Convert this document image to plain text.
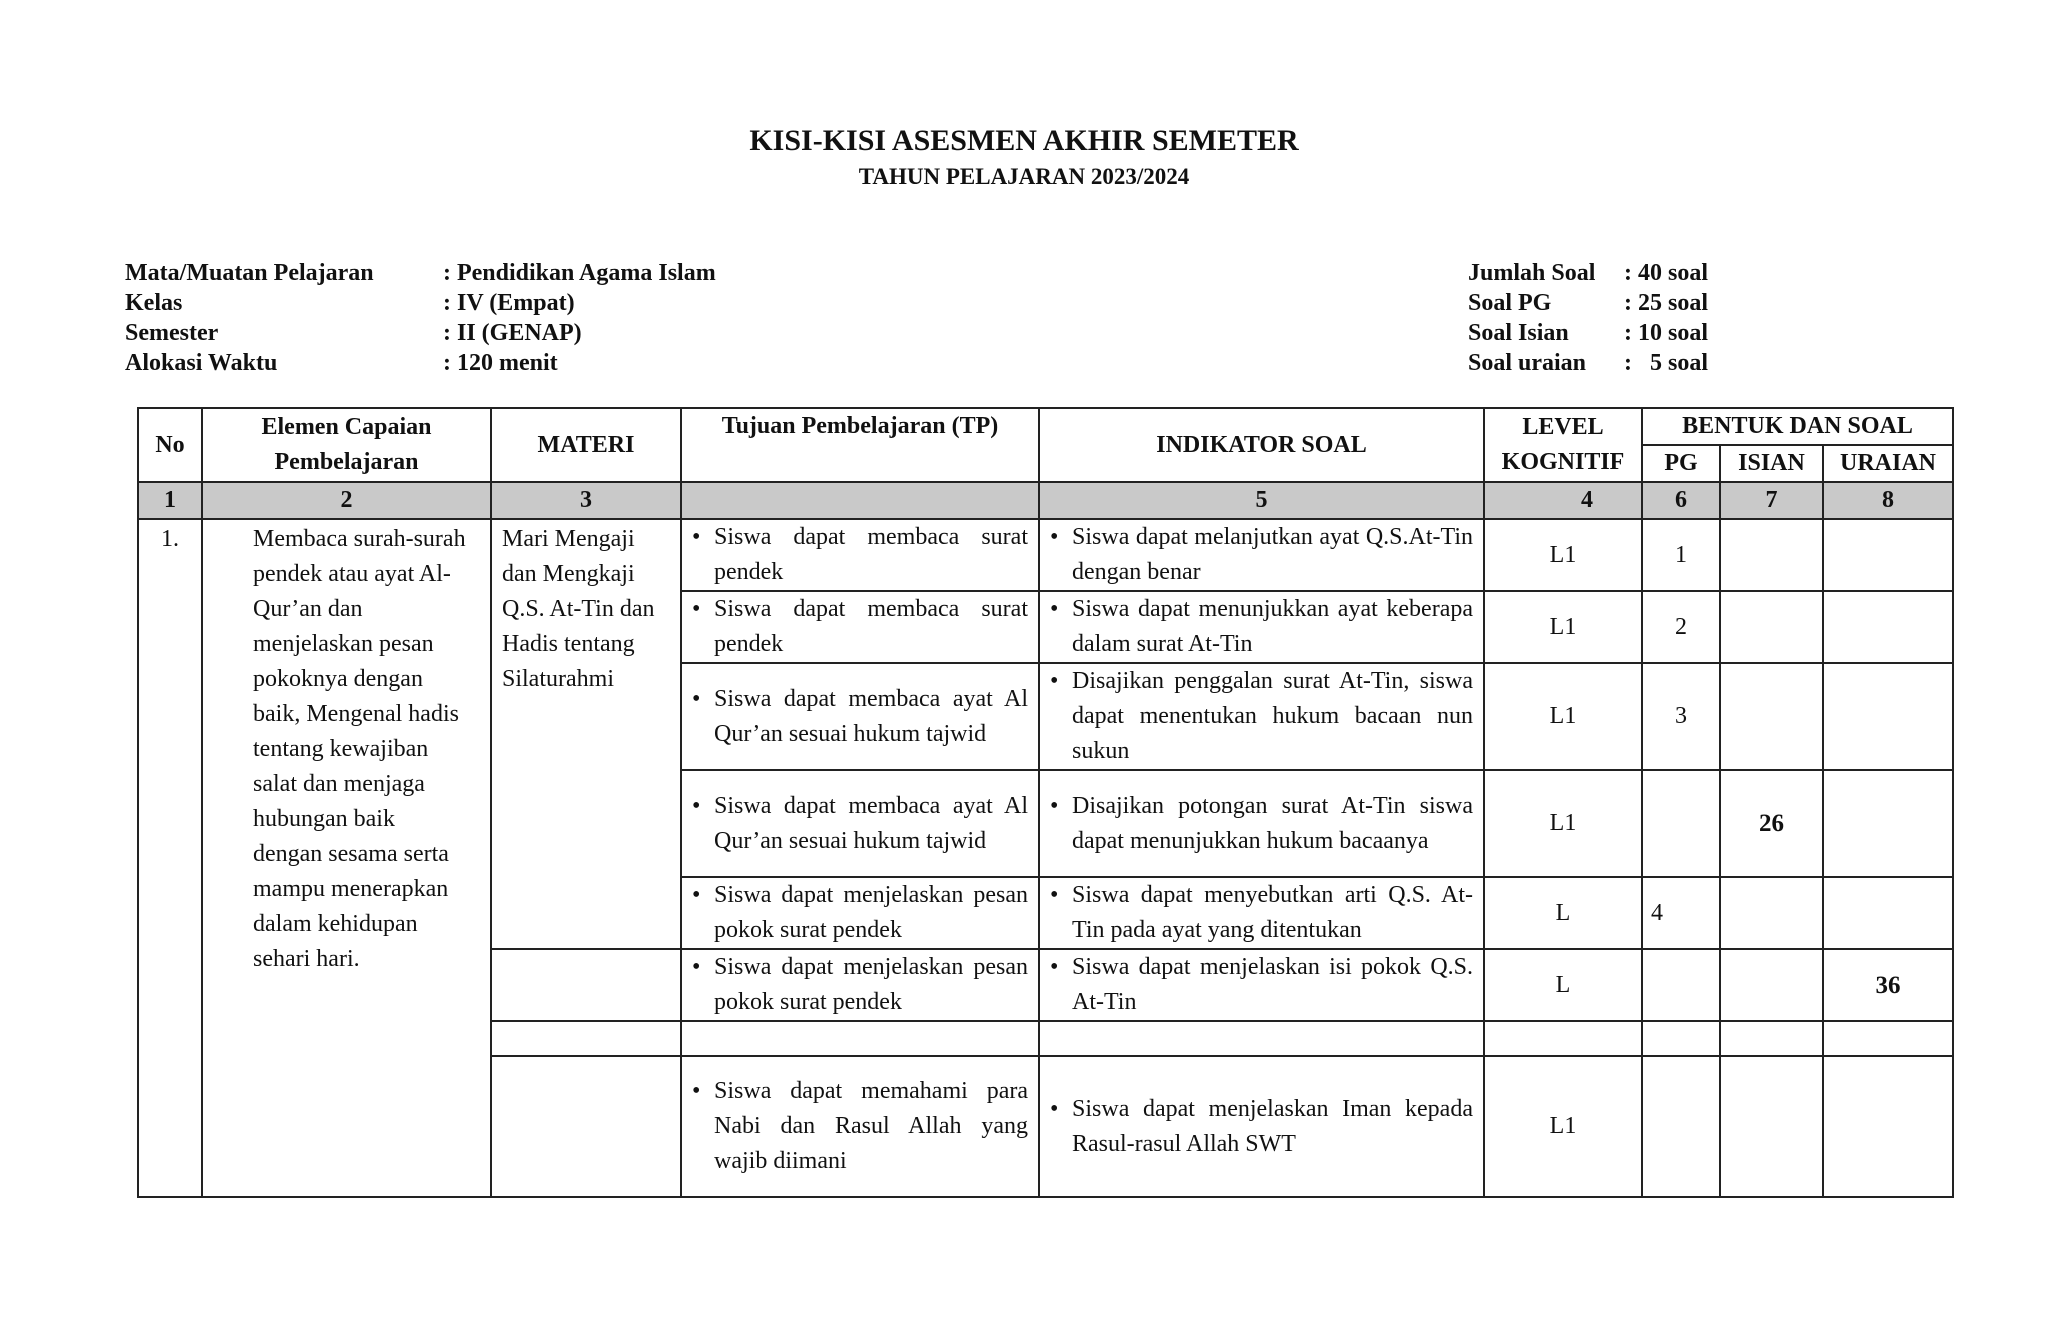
KISI-KISI ASESMEN AKHIR SEMETER
TAHUN PELAJARAN 2023/2024
Mata/Muatan Pelajaran	: Pendidikan Agama Islam
Kelas	: IV (Empat)
Semester	: II (GENAP)
Alokasi Waktu	: 120 menit
Jumlah Soal	: 40 soal
Soal PG	: 25 soal
Soal Isian	: 10 soal
Soal uraian	:   5 soal
No	Elemen Capaian Pembelajaran	MATERI	Tujuan Pembelajaran (TP)	INDIKATOR SOAL	LEVEL KOGNITIF	BENTUK DAN SOAL		
						PG	ISIAN	URAIAN
1	2	3		5	4	6	7	8
1.	Membaca surah-surah pendek atau ayat Al-Qur’an dan menjelaskan pesan pokoknya dengan baik, Mengenal hadis tentang kewajiban salat dan menjaga hubungan baik dengan sesama serta mampu menerapkan dalam kehidupan sehari hari.	Mari Mengaji dan Mengkaji Q.S. At-Tin dan Hadis tentang Silaturahmi	• Siswa dapat membaca surat pendek	• Siswa dapat melanjutkan ayat Q.S.At-Tin dengan benar	L1	1		

			• Siswa dapat membaca surat pendek	• Siswa dapat menunjukkan ayat keberapa dalam surat At-Tin	L1	2		

			• Siswa dapat membaca ayat Al Qur’an sesuai hukum tajwid	• Disajikan penggalan surat At-Tin, siswa dapat menentukan hukum bacaan nun sukun	L1	3		

			• Siswa dapat membaca ayat Al Qur’an sesuai hukum tajwid	• Disajikan potongan surat At-Tin siswa dapat menunjukkan hukum bacaanya	L1		26	

			• Siswa dapat menjelaskan pesan pokok surat pendek	• Siswa dapat menyebutkan arti Q.S. At-Tin pada ayat yang ditentukan	L	4		

			• Siswa dapat menjelaskan pesan pokok surat pendek	• Siswa dapat menjelaskan isi pokok Q.S. At-Tin	L			36

			• Siswa dapat memahami para Nabi dan Rasul Allah yang wajib diimani	• Siswa dapat menjelaskan Iman kepada Rasul-rasul Allah SWT	L1			
